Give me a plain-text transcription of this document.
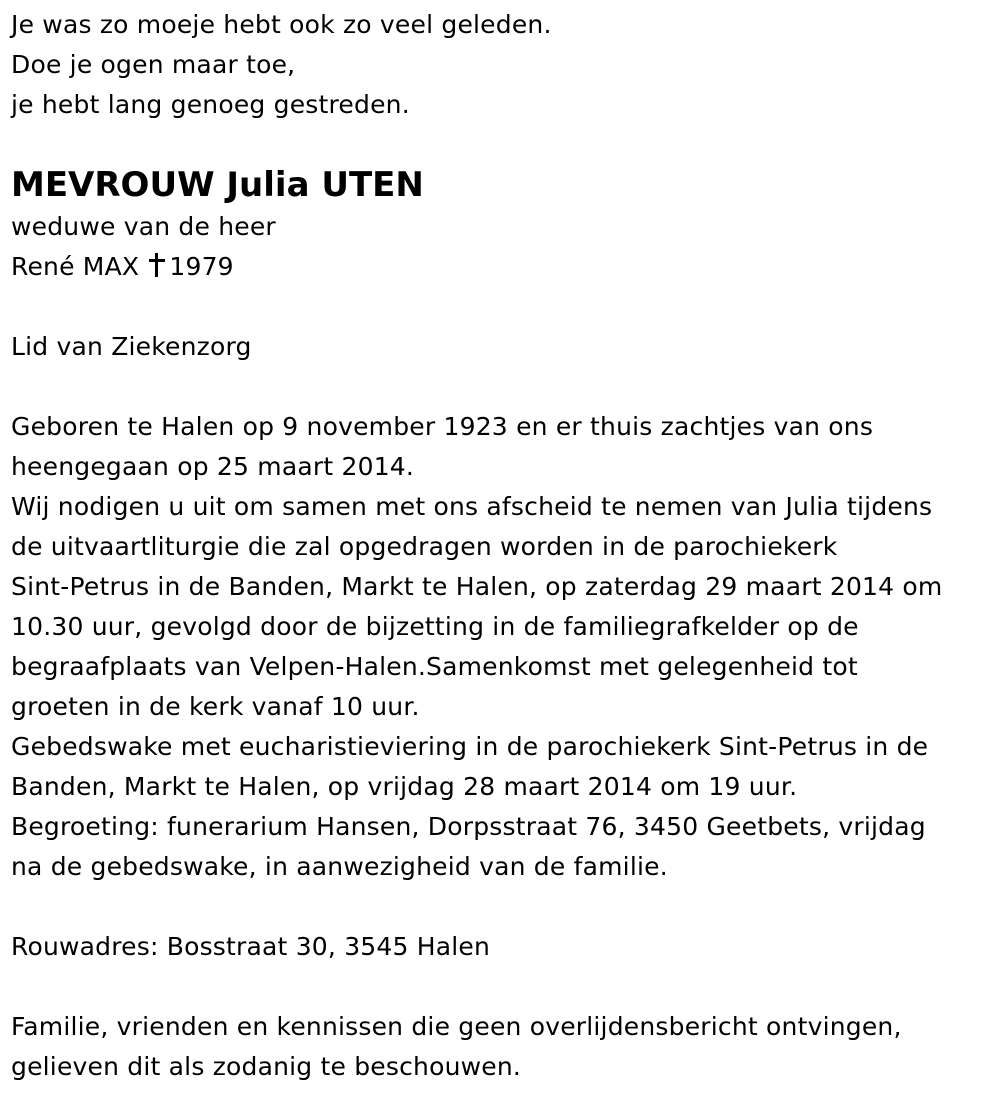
Je was zo moeje hebt ook zo veel geleden.
Doe je ogen maar toe,
je hebt lang genoeg gestreden.
MEVROUW Julia UTEN
weduwe van de heer
René MAX 1979
Lid van Ziekenzorg
Geboren te Halen op 9 november 1923 en er thuis zachtjes van ons
heengegaan op 25 maart 2014.
Wij nodigen u uit om samen met ons afscheid te nemen van Julia tijdens
de uitvaartliturgie die zal opgedragen worden in de parochiekerk
Sint-Petrus in de Banden, Markt te Halen, op zaterdag 29 maart 2014 om
10.30 uur, gevolgd door de bijzetting in de familiegrafkelder op de
begraafplaats van Velpen-Halen.Samenkomst met gelegenheid tot
groeten in de kerk vanaf 10 uur.
Gebedswake met eucharistieviering in de parochiekerk Sint-Petrus in de
Banden, Markt te Halen, op vrijdag 28 maart 2014 om 19 uur.
Begroeting: funerarium Hansen, Dorpsstraat 76, 3450 Geetbets, vrijdag
na de gebedswake, in aanwezigheid van de familie.
Rouwadres: Bosstraat 30, 3545 Halen
Familie, vrienden en kennissen die geen overlijdensbericht ontvingen,
gelieven dit als zodanig te beschouwen.
